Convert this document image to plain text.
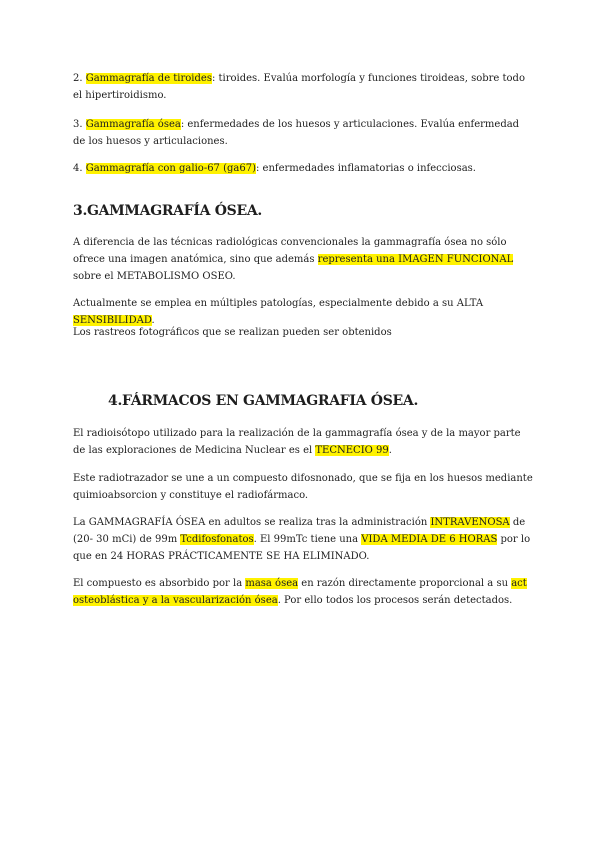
2. Gammagrafía de tiroides: tiroides. Evalúa morfología y funciones tiroideas, sobre todo el hipertiroidismo.

3. Gammagrafía ósea: enfermedades de los huesos y articulaciones. Evalúa enfermedad de los huesos y articulaciones.

4. Gammagrafía con galio-67 (ga67): enfermedades inflamatorias o infecciosas.

3.GAMMAGRAFÍA ÓSEA.

A diferencia de las técnicas radiológicas convencionales la gammagrafía ósea no sólo ofrece una imagen anatómica, sino que además representa una IMAGEN FUNCIONAL sobre el METABOLISMO OSEO.

Actualmente se emplea en múltiples patologías, especialmente debido a su ALTA SENSIBILIDAD.

Los rastreos fotográficos que se realizan pueden ser obtenidos

4.FÁRMACOS EN GAMMAGRAFIA ÓSEA.

El radioisótopo utilizado para la realización de la gammagrafía ósea y de la mayor parte de las exploraciones de Medicina Nuclear es el TECNECIO 99.

Este radiotrazador se une a un compuesto difosnonado, que se fija en los huesos mediante quimioabsorcion y constituye el radiofármaco.

La GAMMAGRAFÍA ÓSEA en adultos se realiza tras la administración INTRAVENOSA de (20- 30 mCi) de 99m Tcdifosfonatos. El 99mTc tiene una VIDA MEDIA DE 6 HORAS por lo que en 24 HORAS PRÁCTICAMENTE SE HA ELIMINADO.

El compuesto es absorbido por la masa ósea en razón directamente proporcional a su act osteoblástica y a la vascularización ósea. Por ello todos los procesos serán detectados.
